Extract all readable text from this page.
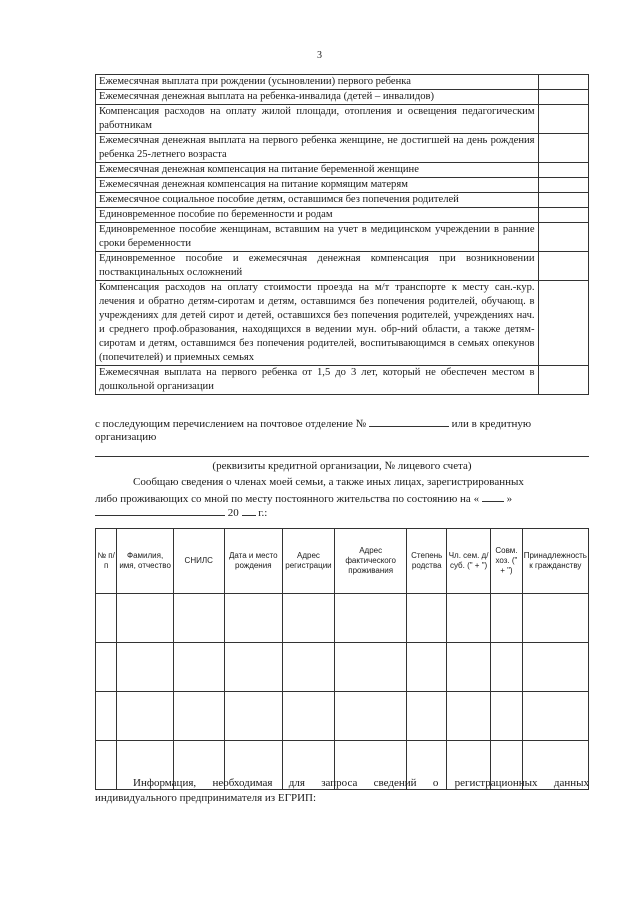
3
Ежемесячная выплата при рождении (усыновлении) первого ребенка	
Ежемесячная денежная выплата на ребенка-инвалида (детей – инвалидов)	
Компенсация расходов на оплату жилой площади, отопления и освещения педагогическим работникам	
Ежемесячная денежная выплата на первого ребенка женщине, не достигшей на день рождения ребенка 25-летнего возраста	
Ежемесячная денежная компенсация на питание беременной женщине	
Ежемесячная денежная компенсация на питание кормящим матерям	
Ежемесячное социальное пособие детям, оставшимся без попечения родителей	
Единовременное пособие по беременности и родам	
Единовременное пособие женщинам, вставшим на учет в медицинском учреждении в ранние сроки беременности	
Единовременное пособие и ежемесячная денежная компенсация при возникновении поствакцинальных осложнений	
Компенсация расходов на оплату стоимости проезда на м/т транспорте к месту сан.-кур. лечения и обратно детям-сиротам и детям, оставшимся без попечения родителей, обучающ. в учреждениях для детей сирот и детей, оставшихся без попечения родителей, учреждениях нач. и среднего проф.образования, находящихся в ведении мун. обр-ний области, а также детям-сиротам и детям, оставшимся без попечения родителей, воспитывающимся в семьях опекунов (попечителей) и приемных семьях	
Ежемесячная выплата на первого ребенка от 1,5 до 3 лет, который не обеспечен местом в дошкольной организации	
с последующим перечислением на почтовое отделение №	или в кредитную
организацию
(реквизиты кредитной организации, № лицевого счета)
Сообщаю сведения о членах моей семьи, а также иных лицах, зарегистрированных
либо проживающих со мной по месту постоянного жительства по состоянию на «	»
20 г.:
№ п/п	Фамилия, имя, отчество	СНИЛС	Дата и место рождения	Адрес регистрации	Адрес фактического проживания	Степень родства	Чл. сем. д/суб. (" + ")	Совм. хоз. (" + ")	Принадлежность к гражданству

Информация, необходимая для запроса сведений о регистрационных данных
индивидуального предпринимателя из ЕГРИП:
